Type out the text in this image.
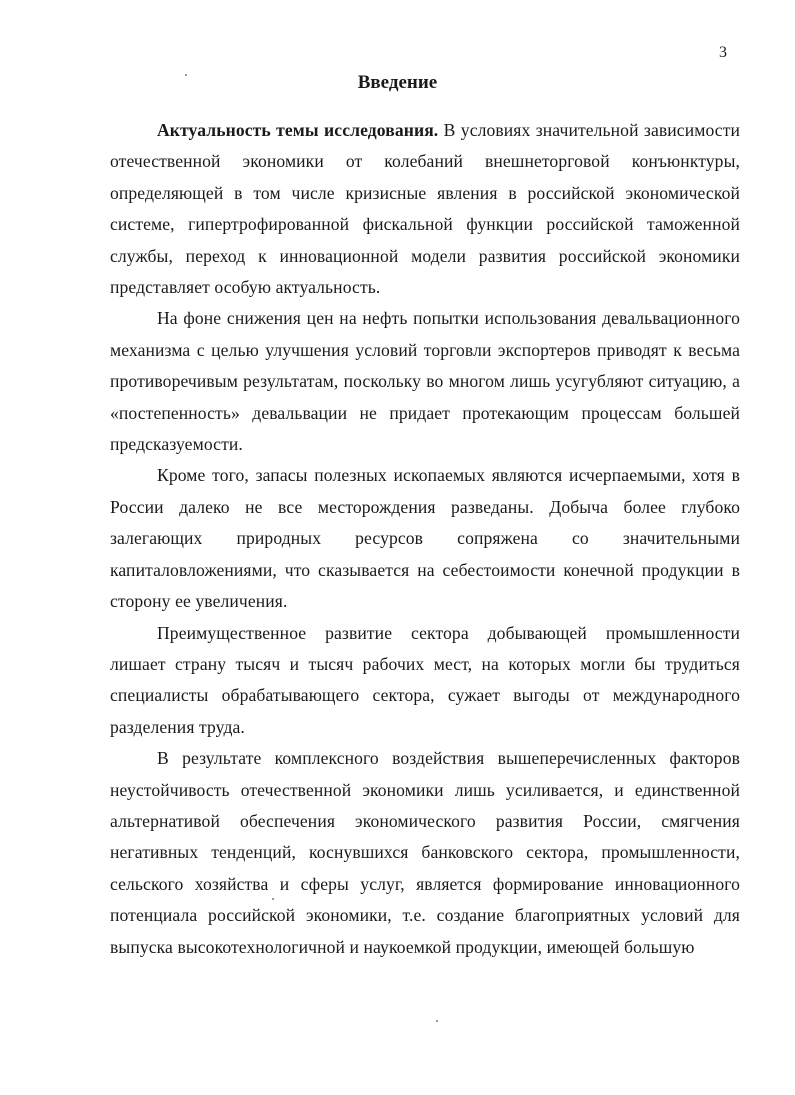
3

Введение

Актуальность темы исследования. В условиях значительной зависимости отечественной экономики от колебаний внешнеторговой конъюнктуры, определяющей в том числе кризисные явления в российской экономической системе, гипертрофированной фискальной функции российской таможенной службы, переход к инновационной модели развития российской экономики представляет особую актуальность.

На фоне снижения цен на нефть попытки использования девальвационного механизма с целью улучшения условий торговли экспортеров приводят к весьма противоречивым результатам, поскольку во многом лишь усугубляют ситуацию, а «постепенность» девальвации не придает протекающим процессам большей предсказуемости.

Кроме того, запасы полезных ископаемых являются исчерпаемыми, хотя в России далеко не все месторождения разведаны. Добыча более глубоко залегающих природных ресурсов сопряжена со значительными капиталовложениями, что сказывается на себестоимости конечной продукции в сторону ее увеличения.

Преимущественное развитие сектора добывающей промышленности лишает страну тысяч и тысяч рабочих мест, на которых могли бы трудиться специалисты обрабатывающего сектора, сужает выгоды от международного разделения труда.

В результате комплексного воздействия вышеперечисленных факторов неустойчивость отечественной экономики лишь усиливается, и единственной альтернативой обеспечения экономического развития России, смягчения негативных тенденций, коснувшихся банковского сектора, промышленности, сельского хозяйства и сферы услуг, является формирование инновационного потенциала российской экономики, т.е. создание благоприятных условий для выпуска высокотехнологичной и наукоемкой продукции, имеющей большую
